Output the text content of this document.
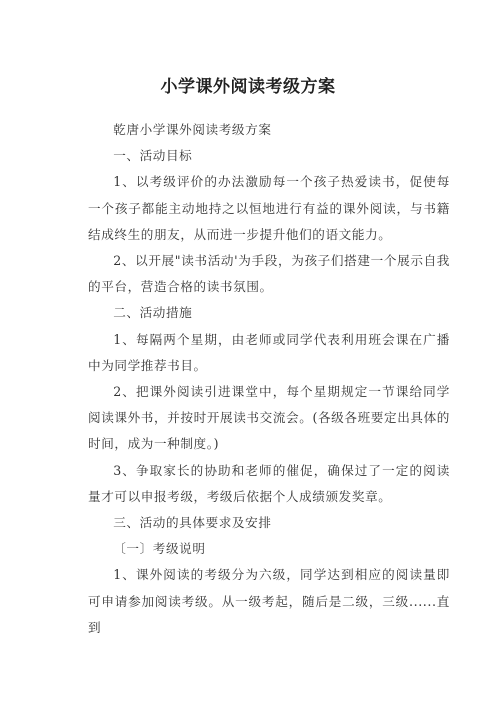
小学课外阅读考级方案

乾唐小学课外阅读考级方案

一、活动目标

1、以考级评价的办法激励每一个孩子热爱读书，促使每一个孩子都能主动地持之以恒地进行有益的课外阅读，与书籍结成终生的朋友，从而进一步提升他们的语文能力。

2、以开展"读书活动'为手段，为孩子们搭建一个展示自我的平台，营造合格的读书氛围。

二、活动措施

1、每隔两个星期，由老师或同学代表利用班会课在广播中为同学推荐书目。

2、把课外阅读引进课堂中，每个星期规定一节课给同学阅读课外书，并按时开展读书交流会。(各级各班要定出具体的时间，成为一种制度。)

3、争取家长的协助和老师的催促，确保过了一定的阅读量才可以申报考级，考级后依据个人成绩颁发奖章。

三、活动的具体要求及安排

〔一〕考级说明

1、课外阅读的考级分为六级，同学达到相应的阅读量即可申请参加阅读考级。从一级考起，随后是二级，三级......直到
